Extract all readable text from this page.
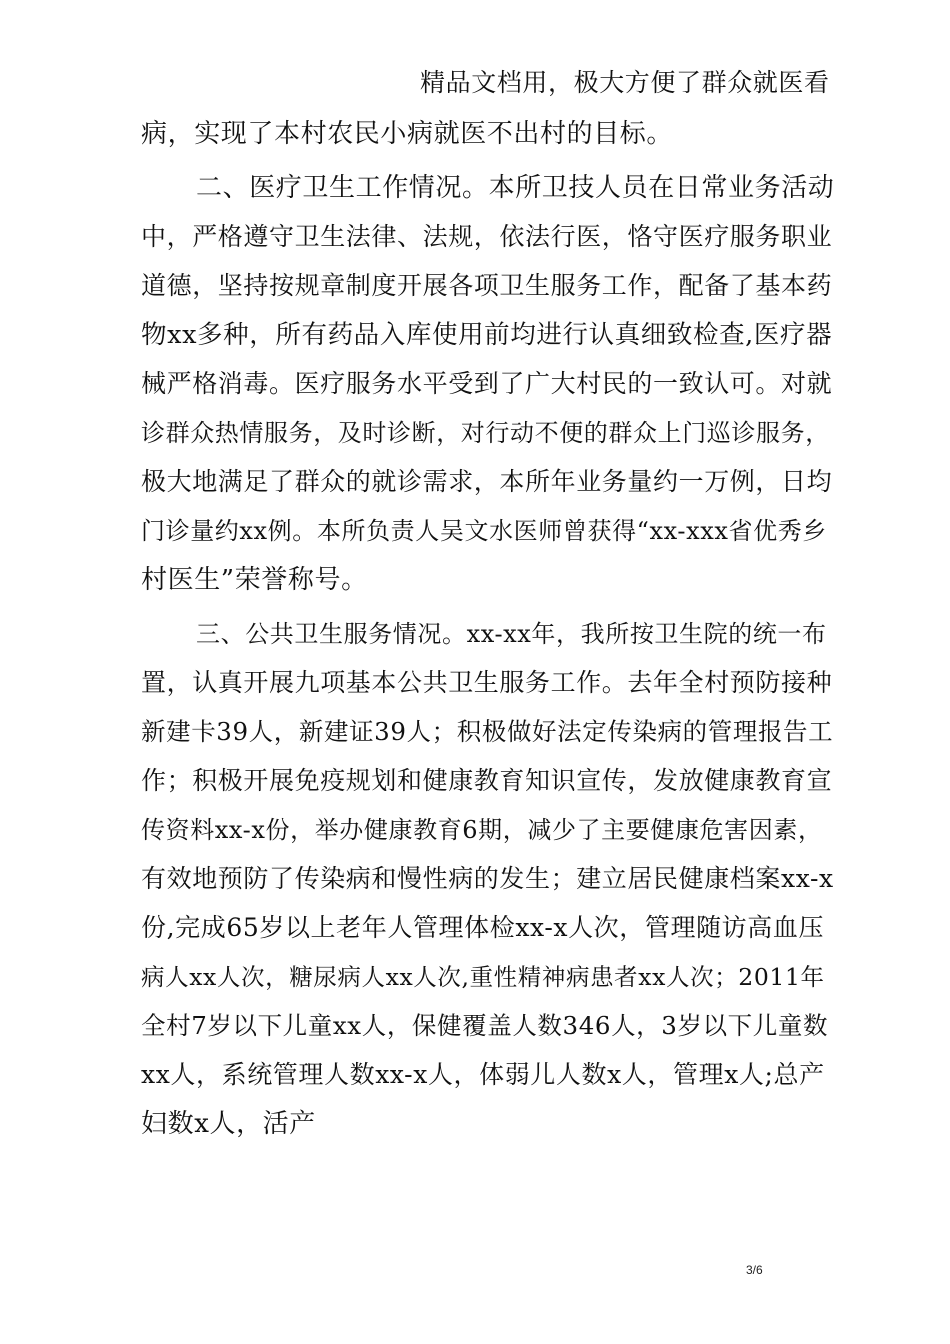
精品文档用，极大方便了群众就医看
病，实现了本村农民小病就医不出村的目标。
二、医疗卫生工作情况。本所卫技人员在日常业务活动
中，严格遵守卫生法律、法规，依法行医，恪守医疗服务职业
道德，坚持按规章制度开展各项卫生服务工作，配备了基本药
物xx多种，所有药品入库使用前均进行认真细致检查,医疗器
械严格消毒。医疗服务水平受到了广大村民的一致认可。对就
诊群众热情服务，及时诊断，对行动不便的群众上门巡诊服务，
极大地满足了群众的就诊需求，本所年业务量约一万例，日均
门诊量约xx例。本所负责人吴文水医师曾获得“xx-xxx省优秀乡
村医生”荣誉称号。
三、公共卫生服务情况。xx-xx年，我所按卫生院的统一布
置，认真开展九项基本公共卫生服务工作。去年全村预防接种
新建卡39人，新建证39人；积极做好法定传染病的管理报告工
作；积极开展免疫规划和健康教育知识宣传，发放健康教育宣
传资料xx-x份，举办健康教育6期，减少了主要健康危害因素，
有效地预防了传染病和慢性病的发生；建立居民健康档案xx-x
份,完成65岁以上老年人管理体检xx-x人次，管理随访高血压
病人xx人次，糖尿病人xx人次,重性精神病患者xx人次；2011年
全村7岁以下儿童xx人，保健覆盖人数346人，3岁以下儿童数
xx人，系统管理人数xx-x人，体弱儿人数x人，管理x人;总产
妇数x人，活产
3/6
